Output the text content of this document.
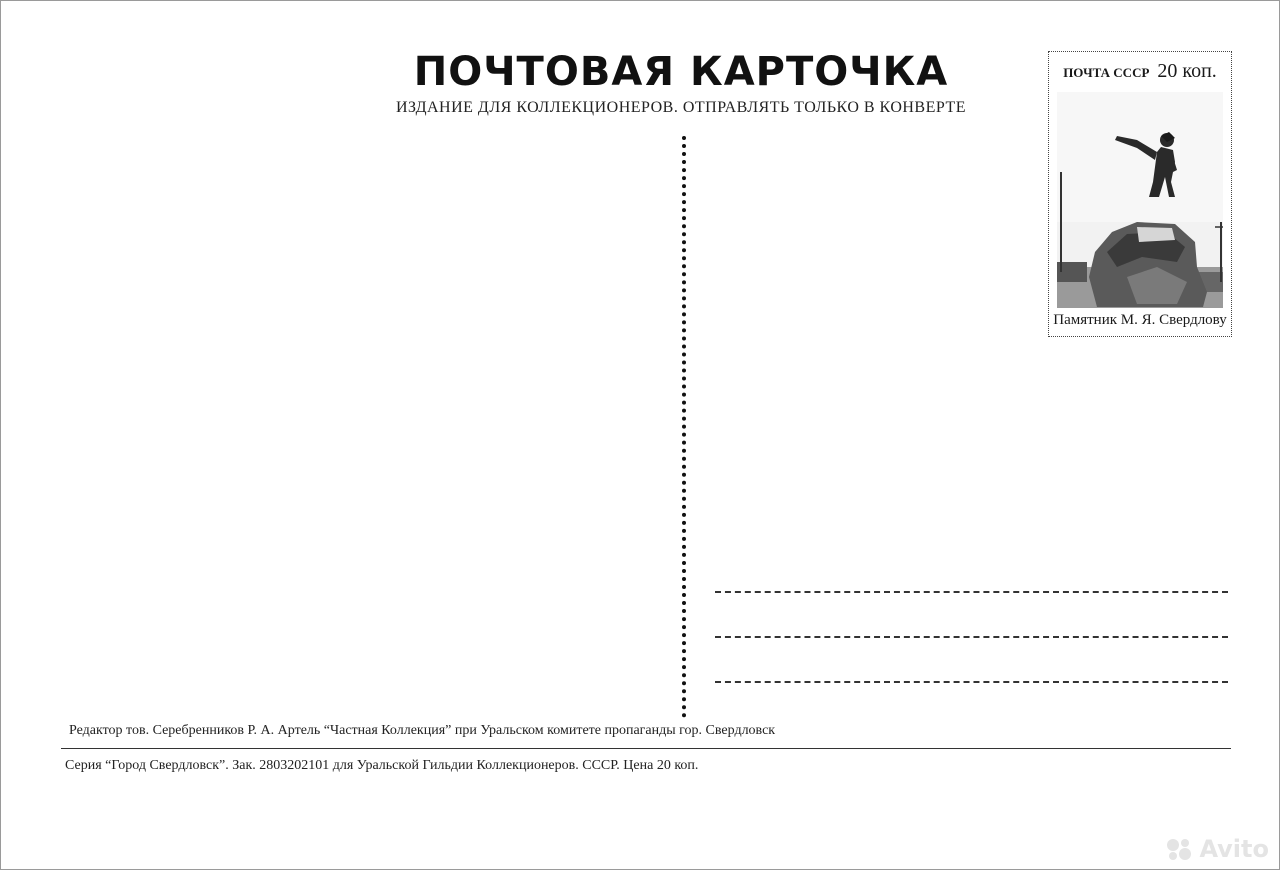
ПОЧТОВАЯ КАРТОЧКА
ИЗДАНИЕ ДЛЯ КОЛЛЕКЦИОНЕРОВ. ОТПРАВЛЯТЬ ТОЛЬКО В КОНВЕРТЕ
ПОЧТА СССР 20 коп.
Памятник М. Я. Свердлову
Редактор тов. Серебренников Р. А. Артель “Частная Коллекция” при Уральском комитете пропаганды гор. Свердловск
Серия “Город Свердловск”. Зак. 2803202101 для Уральской Гильдии Коллекционеров. СССР. Цена 20 коп.
Avito
